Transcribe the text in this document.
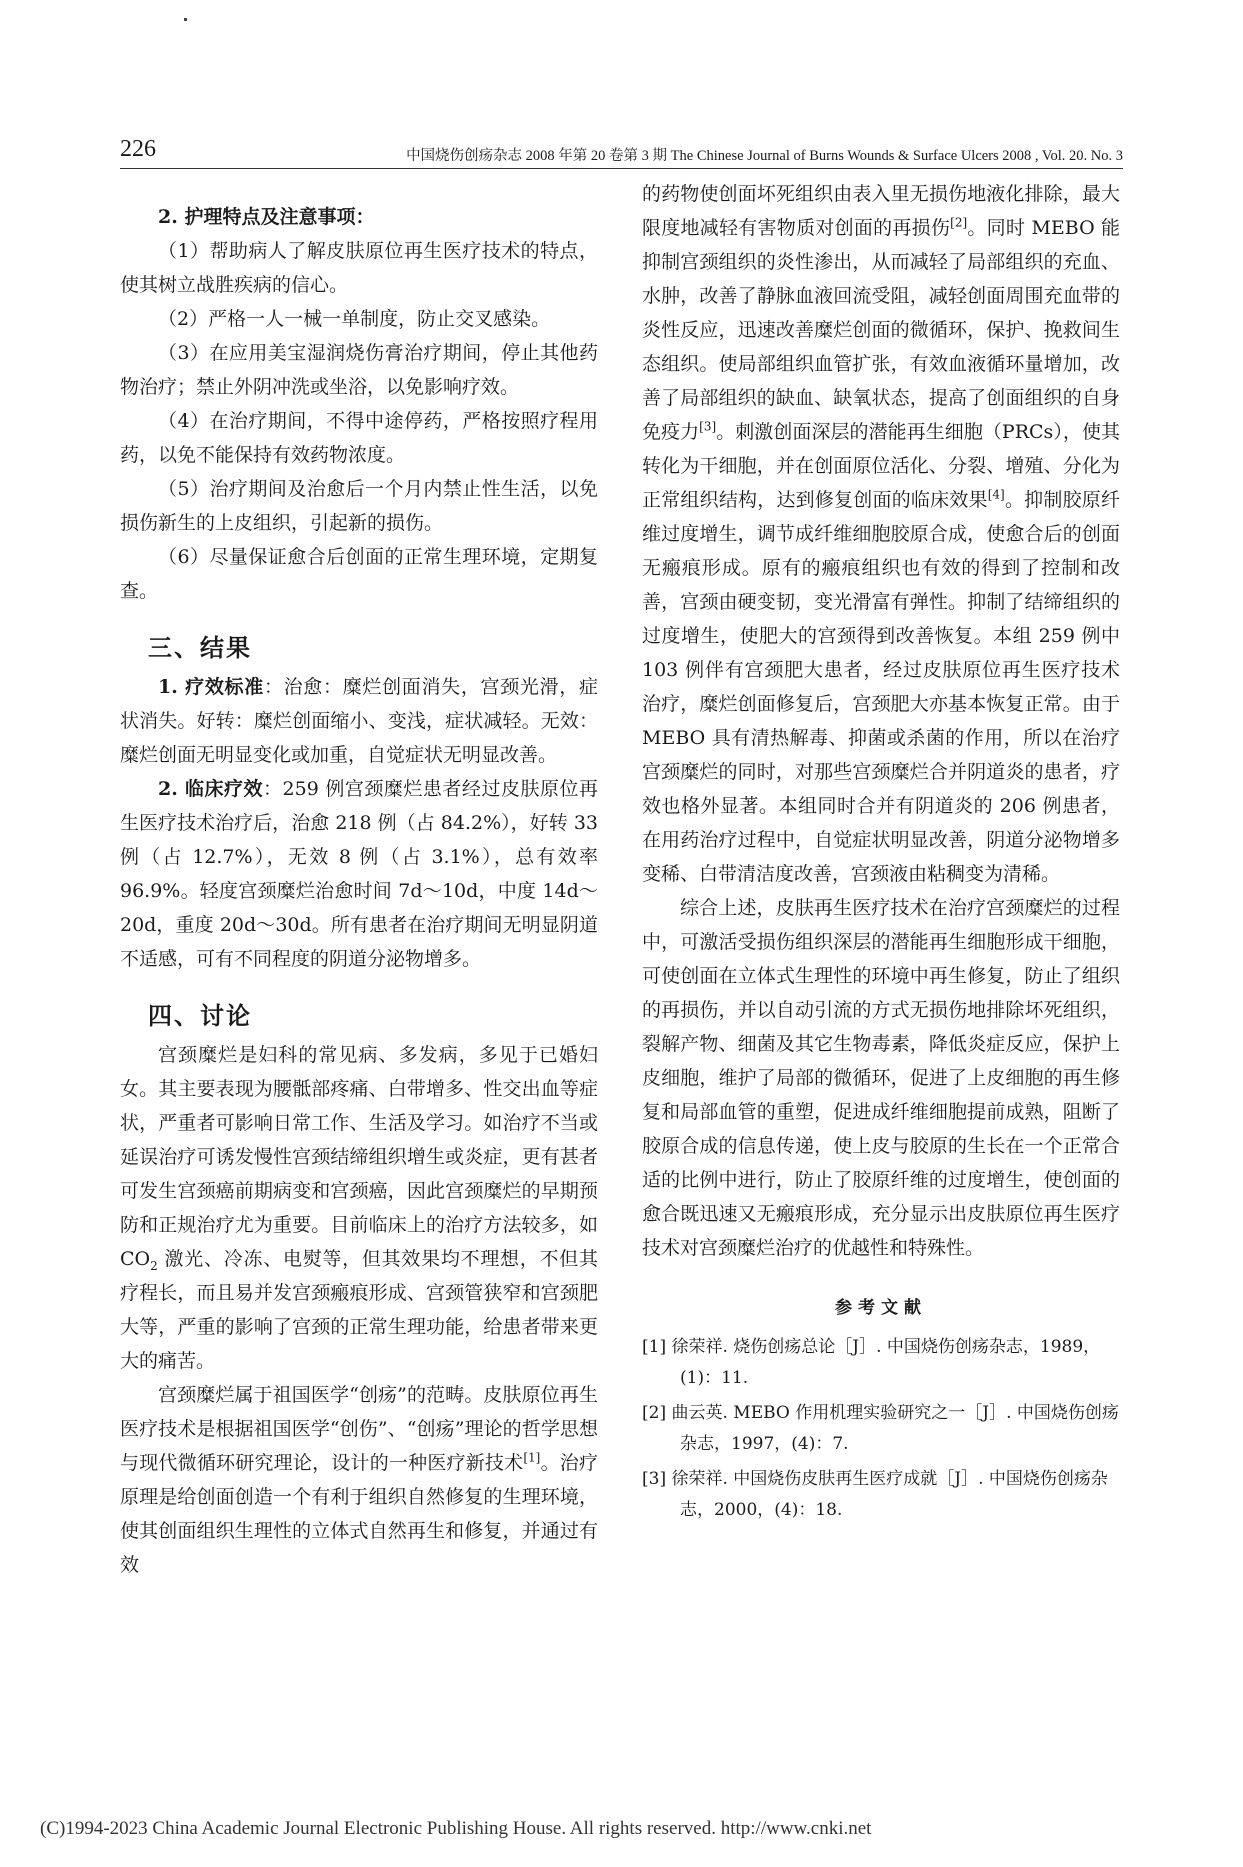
226	中国烧伤创疡杂志 2008 年第 20 卷第 3 期 The Chinese Journal of Burns Wounds & Surface Ulcers 2008 , Vol. 20. No. 3
2. 护理特点及注意事项：

（1）帮助病人了解皮肤原位再生医疗技术的特点，使其树立战胜疾病的信心。

（2）严格一人一械一单制度，防止交叉感染。

（3）在应用美宝湿润烧伤膏治疗期间，停止其他药物治疗；禁止外阴冲洗或坐浴，以免影响疗效。

（4）在治疗期间，不得中途停药，严格按照疗程用药，以免不能保持有效药物浓度。

（5）治疗期间及治愈后一个月内禁止性生活，以免损伤新生的上皮组织，引起新的损伤。

（6）尽量保证愈合后创面的正常生理环境，定期复查。

三、结果

1. 疗效标准：治愈：糜烂创面消失，宫颈光滑，症状消失。好转：糜烂创面缩小、变浅，症状减轻。无效：糜烂创面无明显变化或加重，自觉症状无明显改善。

2. 临床疗效：259 例宫颈糜烂患者经过皮肤原位再生医疗技术治疗后，治愈 218 例（占 84.2%），好转 33 例（占 12.7%），无效 8 例（占 3.1%），总有效率 96.9%。轻度宫颈糜烂治愈时间 7d～10d，中度 14d～20d，重度 20d～30d。所有患者在治疗期间无明显阴道不适感，可有不同程度的阴道分泌物增多。

四、讨论

宫颈糜烂是妇科的常见病、多发病，多见于已婚妇女。其主要表现为腰骶部疼痛、白带增多、性交出血等症状，严重者可影响日常工作、生活及学习。如治疗不当或延误治疗可诱发慢性宫颈结缔组织增生或炎症，更有甚者可发生宫颈癌前期病变和宫颈癌，因此宫颈糜烂的早期预防和正规治疗尤为重要。目前临床上的治疗方法较多，如 $CO_2$ 激光、冷冻、电熨等，但其效果均不理想，不但其疗程长，而且易并发宫颈瘢痕形成、宫颈管狭窄和宫颈肥大等，严重的影响了宫颈的正常生理功能，给患者带来更大的痛苦。

宫颈糜烂属于祖国医学“创疡”的范畴。皮肤原位再生医疗技术是根据祖国医学“创伤”、“创疡”理论的哲学思想与现代微循环研究理论，设计的一种医疗新技术[1]。治疗原理是给创面创造一个有利于组织自然修复的生理环境，使其创面组织生理性的立体式自然再生和修复，并通过有效

的药物使创面坏死组织由表入里无损伤地液化排除，最大限度地减轻有害物质对创面的再损伤[2]。同时 MEBO 能抑制宫颈组织的炎性渗出，从而减轻了局部组织的充血、水肿，改善了静脉血液回流受阻，减轻创面周围充血带的炎性反应，迅速改善糜烂创面的微循环，保护、挽救间生态组织。使局部组织血管扩张，有效血液循环量增加，改善了局部组织的缺血、缺氧状态，提高了创面组织的自身免疫力[3]。刺激创面深层的潜能再生细胞（PRCs），使其转化为干细胞，并在创面原位活化、分裂、增殖、分化为正常组织结构，达到修复创面的临床效果[4]。抑制胶原纤维过度增生，调节成纤维细胞胶原合成，使愈合后的创面无瘢痕形成。原有的瘢痕组织也有效的得到了控制和改善，宫颈由硬变韧，变光滑富有弹性。抑制了结缔组织的过度增生，使肥大的宫颈得到改善恢复。本组 259 例中 103 例伴有宫颈肥大患者，经过皮肤原位再生医疗技术治疗，糜烂创面修复后，宫颈肥大亦基本恢复正常。由于 MEBO 具有清热解毒、抑菌或杀菌的作用，所以在治疗宫颈糜烂的同时，对那些宫颈糜烂合并阴道炎的患者，疗效也格外显著。本组同时合并有阴道炎的 206 例患者，在用药治疗过程中，自觉症状明显改善，阴道分泌物增多变稀、白带清洁度改善，宫颈液由粘稠变为清稀。

综合上述，皮肤再生医疗技术在治疗宫颈糜烂的过程中，可激活受损伤组织深层的潜能再生细胞形成干细胞，可使创面在立体式生理性的环境中再生修复，防止了组织的再损伤，并以自动引流的方式无损伤地排除坏死组织，裂解产物、细菌及其它生物毒素，降低炎症反应，保护上皮细胞，维护了局部的微循环，促进了上皮细胞的再生修复和局部血管的重塑，促进成纤维细胞提前成熟，阻断了胶原合成的信息传递，使上皮与胶原的生长在一个正常合适的比例中进行，防止了胶原纤维的过度增生，使创面的愈合既迅速又无瘢痕形成，充分显示出皮肤原位再生医疗技术对宫颈糜烂治疗的优越性和特殊性。

参考文献

[1] 徐荣祥. 烧伤创疡总论［J］. 中国烧伤创疡杂志，1989，(1)：11.

[2] 曲云英. MEBO 作用机理实验研究之一［J］. 中国烧伤创疡杂志，1997，(4)：7.

[3] 徐荣祥. 中国烧伤皮肤再生医疗成就［J］. 中国烧伤创疡杂志，2000，(4)：18.

(C)1994-2023 China Academic Journal Electronic Publishing House. All rights reserved. http://www.cnki.net
